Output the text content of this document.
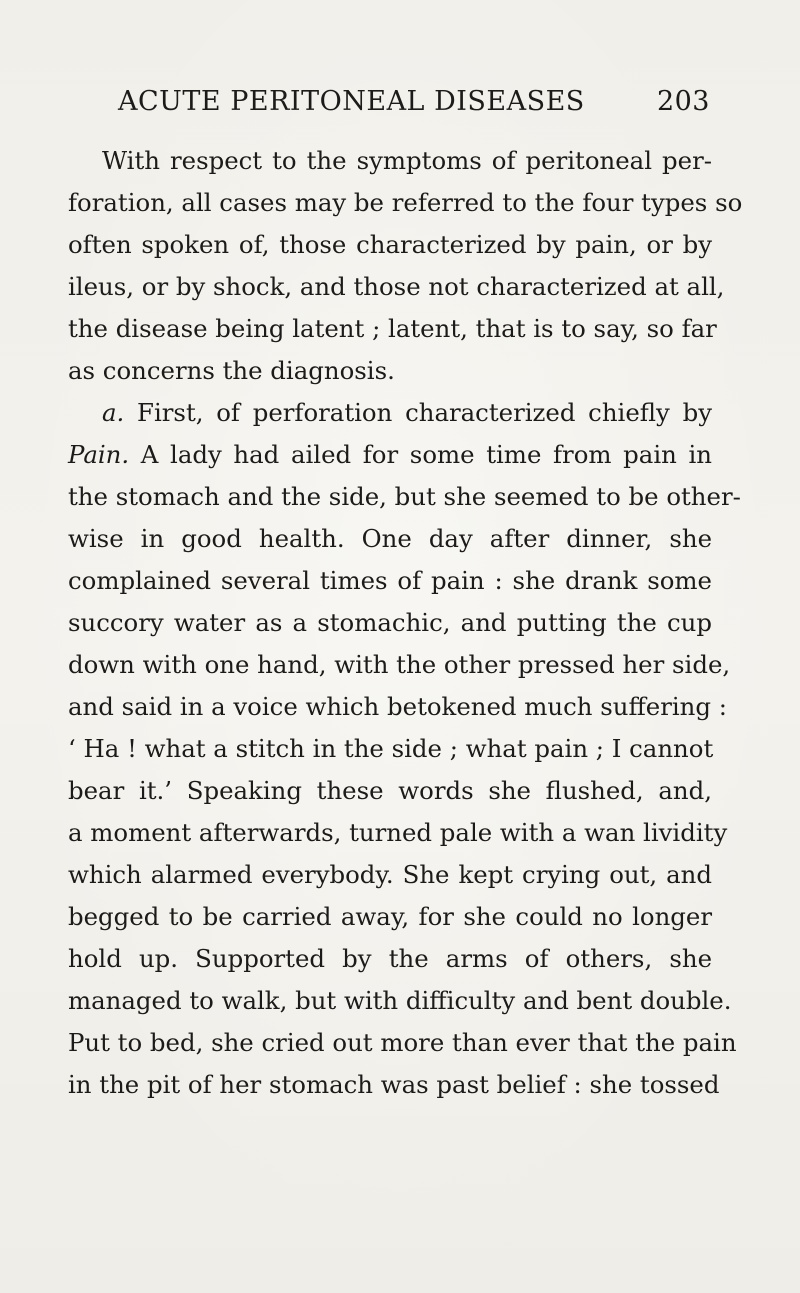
ACUTE PERITONEAL DISEASES	203
With respect to the symptoms of peritoneal per-
foration, all cases may be referred to the four types so
often spoken of, those characterized by pain, or by
ileus, or by shock, and those not characterized at all,
the disease being latent ; latent, that is to say, so far
as concerns the diagnosis.
a. First, of perforation characterized chiefly by
Pain. A lady had ailed for some time from pain in
the stomach and the side, but she seemed to be other-
wise in good health. One day after dinner, she
complained several times of pain : she drank some
succory water as a stomachic, and putting the cup
down with one hand, with the other pressed her side,
and said in a voice which betokened much suffering :
‘ Ha ! what a stitch in the side ; what pain ; I cannot
bear it.’ Speaking these words she flushed, and,
a moment afterwards, turned pale with a wan lividity
which alarmed everybody. She kept crying out, and
begged to be carried away, for she could no longer
hold up. Supported by the arms of others, she
managed to walk, but with difficulty and bent double.
Put to bed, she cried out more than ever that the pain
in the pit of her stomach was past belief : she tossed
